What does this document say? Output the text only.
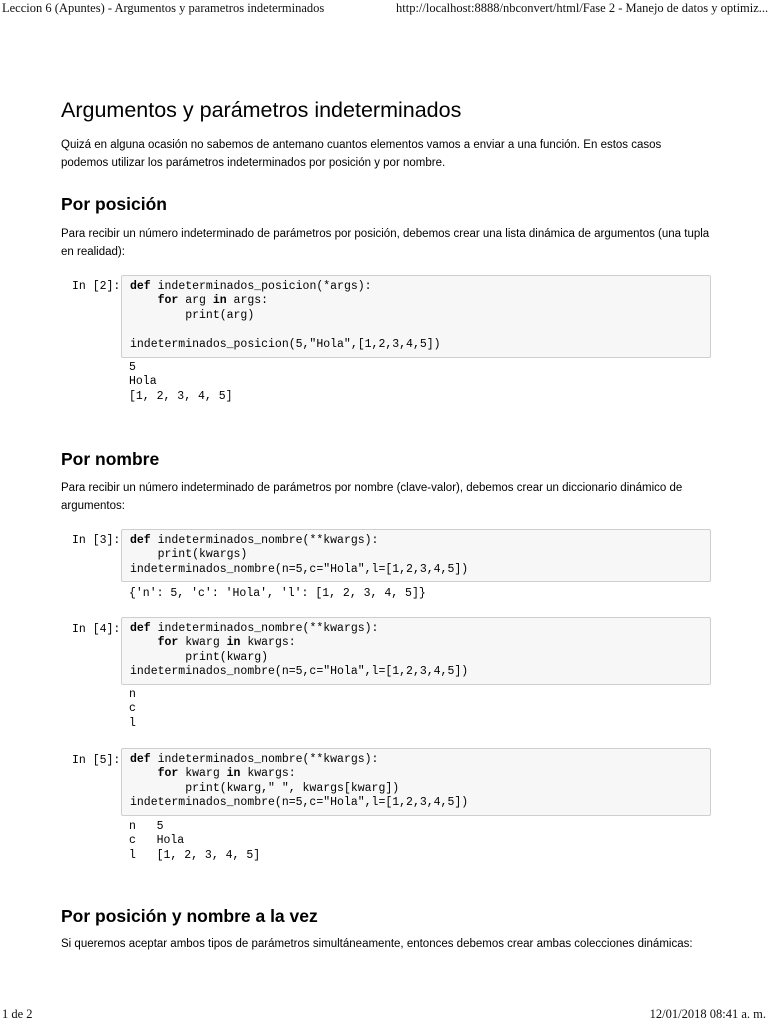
Leccion 6 (Apuntes) - Argumentos y parametros indeterminados	http://localhost:8888/nbconvert/html/Fase 2 - Manejo de datos y optimiz...
Argumentos y parámetros indeterminados

Quizá en alguna ocasión no sabemos de antemano cuantos elementos vamos a enviar a una función. En estos casos podemos utilizar los parámetros indeterminados por posición y por nombre.

Por posición

Para recibir un número indeterminado de parámetros por posición, debemos crear una lista dinámica de argumentos (una tupla en realidad):

In [2]: def indeterminados_posicion(*args):
for arg in args:
print(arg)

indeterminados_posicion(5,"Hola",[1,2,3,4,5])
5
Hola
[1, 2, 3, 4, 5]
Por nombre

Para recibir un número indeterminado de parámetros por nombre (clave-valor), debemos crear un diccionario dinámico de argumentos:

In [3]: def indeterminados_nombre(**kwargs):
print(kwargs)
indeterminados_nombre(n=5,c="Hola",l=[1,2,3,4,5])
{'n': 5, 'c': 'Hola', 'l': [1, 2, 3, 4, 5]}
In [4]: def indeterminados_nombre(**kwargs):
for kwarg in kwargs:
print(kwarg)
indeterminados_nombre(n=5,c="Hola",l=[1,2,3,4,5])
n
c
l
In [5]: def indeterminados_nombre(**kwargs):
for kwarg in kwargs:
print(kwarg," ", kwargs[kwarg])
indeterminados_nombre(n=5,c="Hola",l=[1,2,3,4,5])
n   5
c   Hola
l   [1, 2, 3, 4, 5]
Por posición y nombre a la vez

Si queremos aceptar ambos tipos de parámetros simultáneamente, entonces debemos crear ambas colecciones dinámicas:

1 de 2	12/01/2018 08:41 a. m.
